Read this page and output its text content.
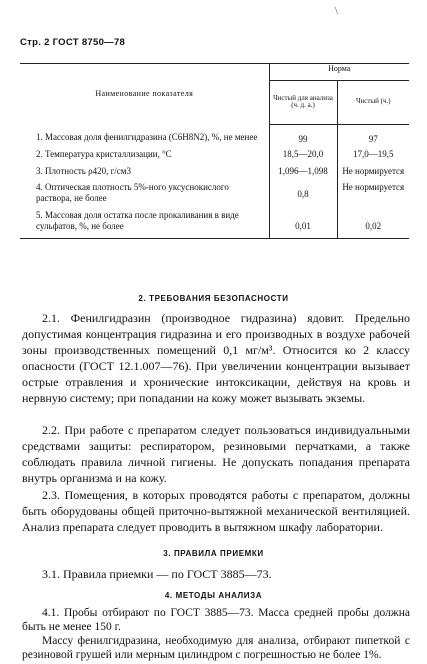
\
Стр. 2 ГОСТ 8750—78
Наименование показателя	Норма	
	Чистый для анализа (ч. д. а.)	Чистый (ч.)
1. Массовая доля фенилгидразина (C6H8N2), %, не менее	99	97
2. Температура кристаллизации, °С	18,5—20,0	17,0—19,5
3. Плотность ρ420, г/см3	1,096—1,098	Не нормируется
4. Оптическая плотность 5%-ного уксуснокислого раствора, не более	0,8	Не нормируется
5. Массовая доля остатка после прокаливания в виде сульфатов, %, не более	0,01	0,02
2. ТРЕБОВАНИЯ БЕЗОПАСНОСТИ
2.1. Фенилгидразин (производное гидразина) ядовит. Предельно допустимая концентрация гидразина и его производных в воздухе рабочей зоны производственных помещений 0,1 мг/м³. Относится ко 2 классу опасности (ГОСТ 12.1.007—76). При увеличении концентрации вызывает острые отравления и хронические интоксикации, действуя на кровь и нервную систему; при попадании на кожу может вызывать экземы.
2.2. При работе с препаратом следует пользоваться индивидуальными средствами защиты: респиратором, резиновыми перчатками, а также соблюдать правила личной гигиены. Не допускать попадания препарата внутрь организма и на кожу.
2.3. Помещения, в которых проводятся работы с препаратом, должны быть оборудованы общей приточно-вытяжной механической вентиляцией. Анализ препарата следует проводить в вытяжном шкафу лаборатории.
3. ПРАВИЛА ПРИЕМКИ
3.1. Правила приемки — по ГОСТ 3885—73.
4. МЕТОДЫ АНАЛИЗА
4.1. Пробы отбирают по ГОСТ 3885—73. Масса средней пробы должна быть не менее 150 г.
Массу фенилгидразина, необходимую для анализа, отбирают пипеткой с резиновой грушей или мерным цилиндром с погрешностью не более 1%.
